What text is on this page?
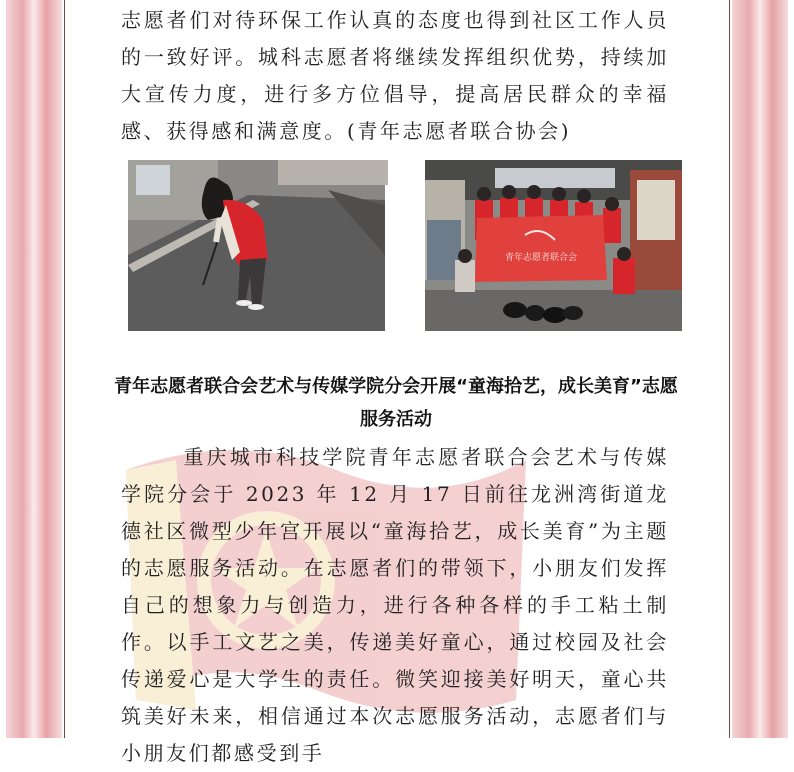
志愿者们对待环保工作认真的态度也得到社区工作人员的一致好评。城科志愿者将继续发挥组织优势，持续加大宣传力度，进行多方位倡导，提高居民群众的幸福感、获得感和满意度。(青年志愿者联合协会)
青年志愿者联合会
青年志愿者联合会艺术与传媒学院分会开展“童海拾艺，成长美育”志愿服务活动
重庆城市科技学院青年志愿者联合会艺术与传媒学院分会于 2023 年 12 月 17 日前往龙洲湾街道龙德社区微型少年宫开展以“童海拾艺，成长美育”为主题的志愿服务活动。在志愿者们的带领下，小朋友们发挥自己的想象力与创造力，进行各种各样的手工粘土制作。以手工文艺之美，传递美好童心，通过校园及社会传递爱心是大学生的责任。微笑迎接美好明天，童心共筑美好未来，相信通过本次志愿服务活动，志愿者们与小朋友们都感受到手
